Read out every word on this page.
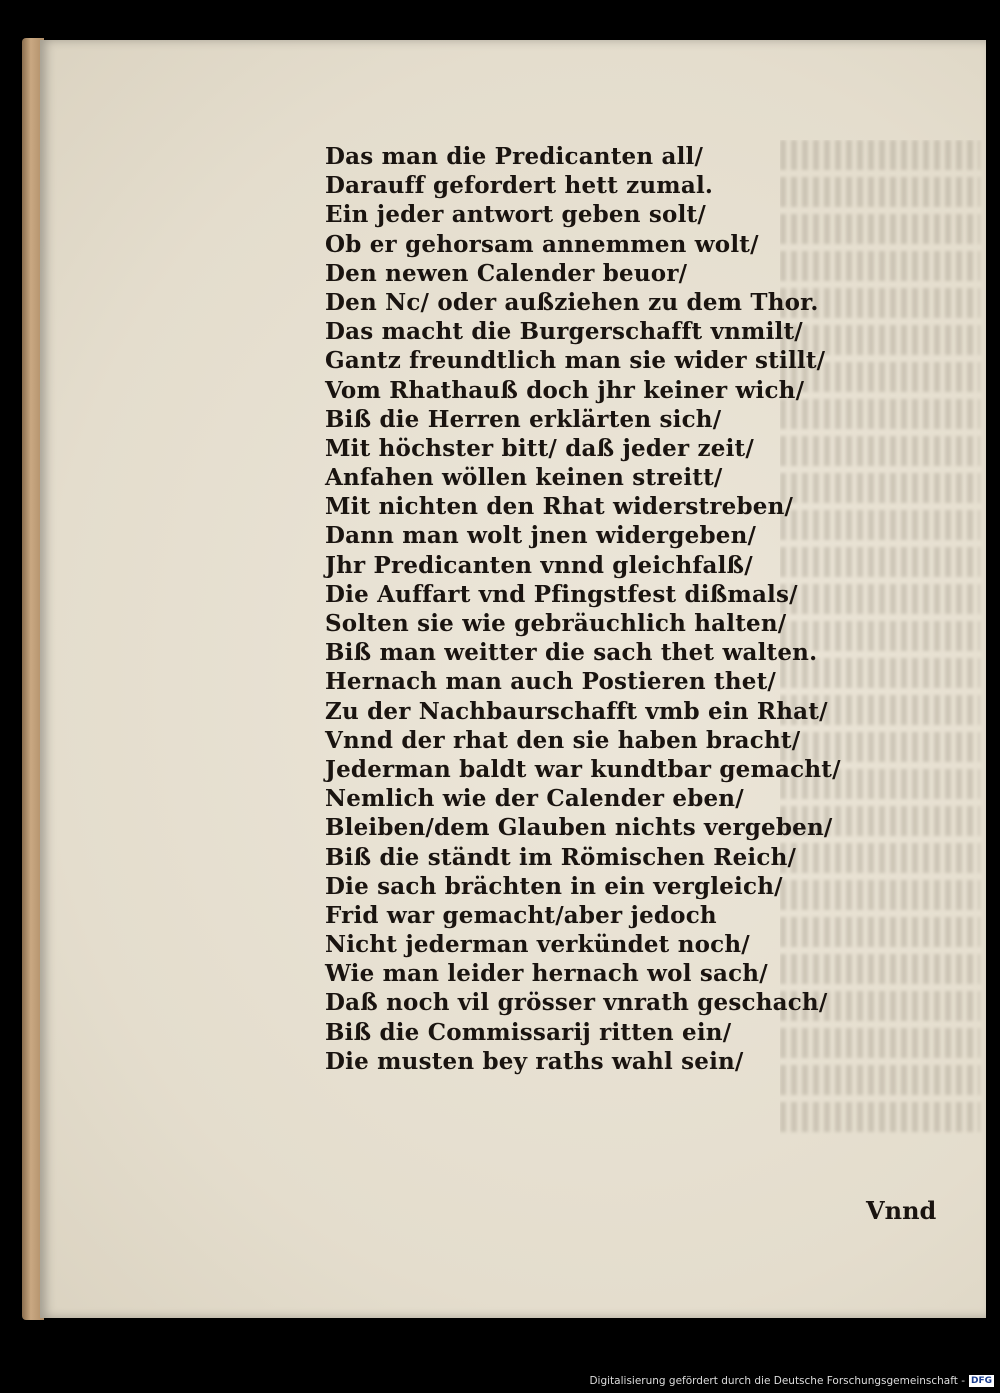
Das man die Predicanten all/
Darauff gefordert hett zumal.
Ein jeder antwort geben solt/
Ob er gehorsam annemmen wolt/
Den newen Calender beuor/
Den Nc/ oder außziehen zu dem Thor.
Das macht die Burgerschafft vnmilt/
Gantz freundtlich man sie wider stillt/
Vom Rhathauß doch jhr keiner wich/
Biß die Herren erklärten sich/
Mit höchster bitt/ daß jeder zeit/
Anfahen wöllen keinen streitt/
Mit nichten den Rhat widerstreben/
Dann man wolt jnen widergeben/
Jhr Predicanten vnnd gleichfalß/
Die Auffart vnd Pfingstfest dißmals/
Solten sie wie gebräuchlich halten/
Biß man weitter die sach thet walten.
Hernach man auch Postieren thet/
Zu der Nachbaurschafft vmb ein Rhat/
Vnnd der rhat den sie haben bracht/
Jederman baldt war kundtbar gemacht/
Nemlich wie der Calender eben/
Bleiben/dem Glauben nichts vergeben/
Biß die ständt im Römischen Reich/
Die sach brächten in ein vergleich/
Frid war gemacht/aber jedoch
Nicht jederman verkündet noch/
Wie man leider hernach wol sach/
Daß noch vil grösser vnrath geschach/
Biß die Commissarij ritten ein/
Die musten bey raths wahl sein/
Vnnd
Digitalisierung gefördert durch die Deutsche Forschungsgemeinschaft - DFG
